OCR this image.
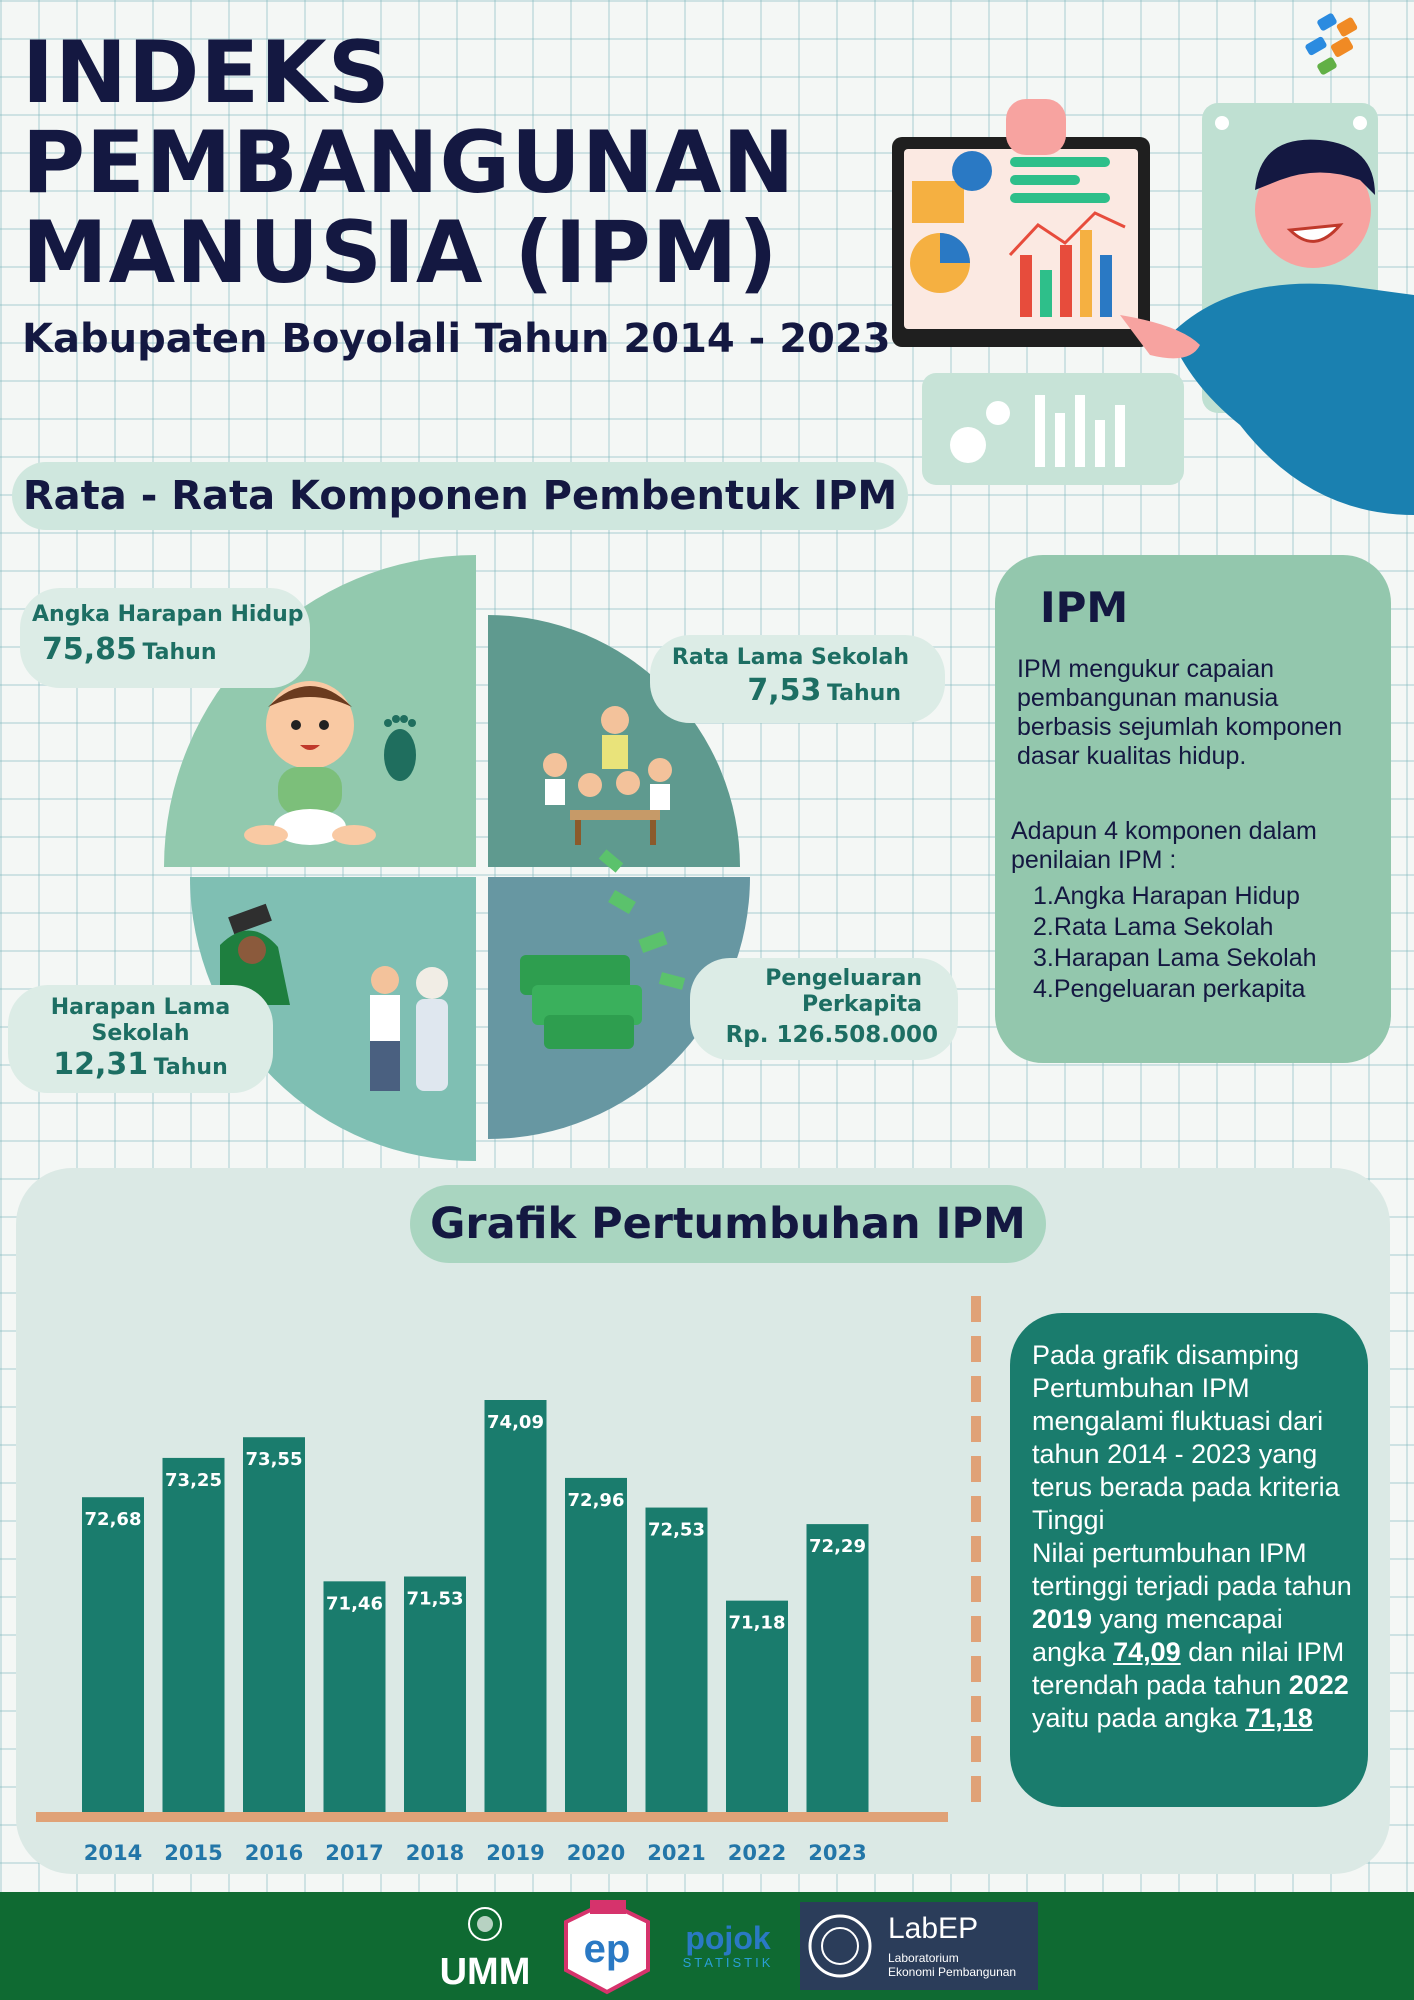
INDEKS
PEMBANGUNAN
MANUSIA (IPM)
Kabupaten Boyolali Tahun 2014 - 2023
Rata - Rata Komponen Pembentuk IPM
Angka Harapan Hidup
75,85 Tahun	Rata Lama Sekolah
7,53 Tahun
Harapan Lama
Sekolah
12,31 Tahun
Pengeluaran
Perkapita
Rp. 126.508.000
IPM
IPM mengukur capaian pembangunan manusia berbasis sejumlah komponen dasar kualitas hidup.
Adapun 4 komponen dalam penilaian IPM :
1.Angka Harapan Hidup
2.Rata Lama Sekolah
3.Harapan Lama Sekolah
4.Pengeluaran perkapita
Grafik Pertumbuhan IPM
72,68
2014
73,25
2015
73,55
2016
71,46
2017
71,53
2018
74,09
2019
72,96
2020
72,53
2021
71,18
2022
72,29
2023
Pada grafik disamping Pertumbuhan IPM mengalami fluktuasi dari tahun 2014 - 2023 yang terus berada pada kriteria Tinggi
Nilai pertumbuhan IPM tertinggi terjadi pada tahun 2019 yang mencapai angka 74,09 dan nilai IPM terendah pada tahun 2022 yaitu pada angka 71,18
UMM
ep pojok
STATISTIK
LabEP
Laboratorium
Ekonomi Pembangunan
